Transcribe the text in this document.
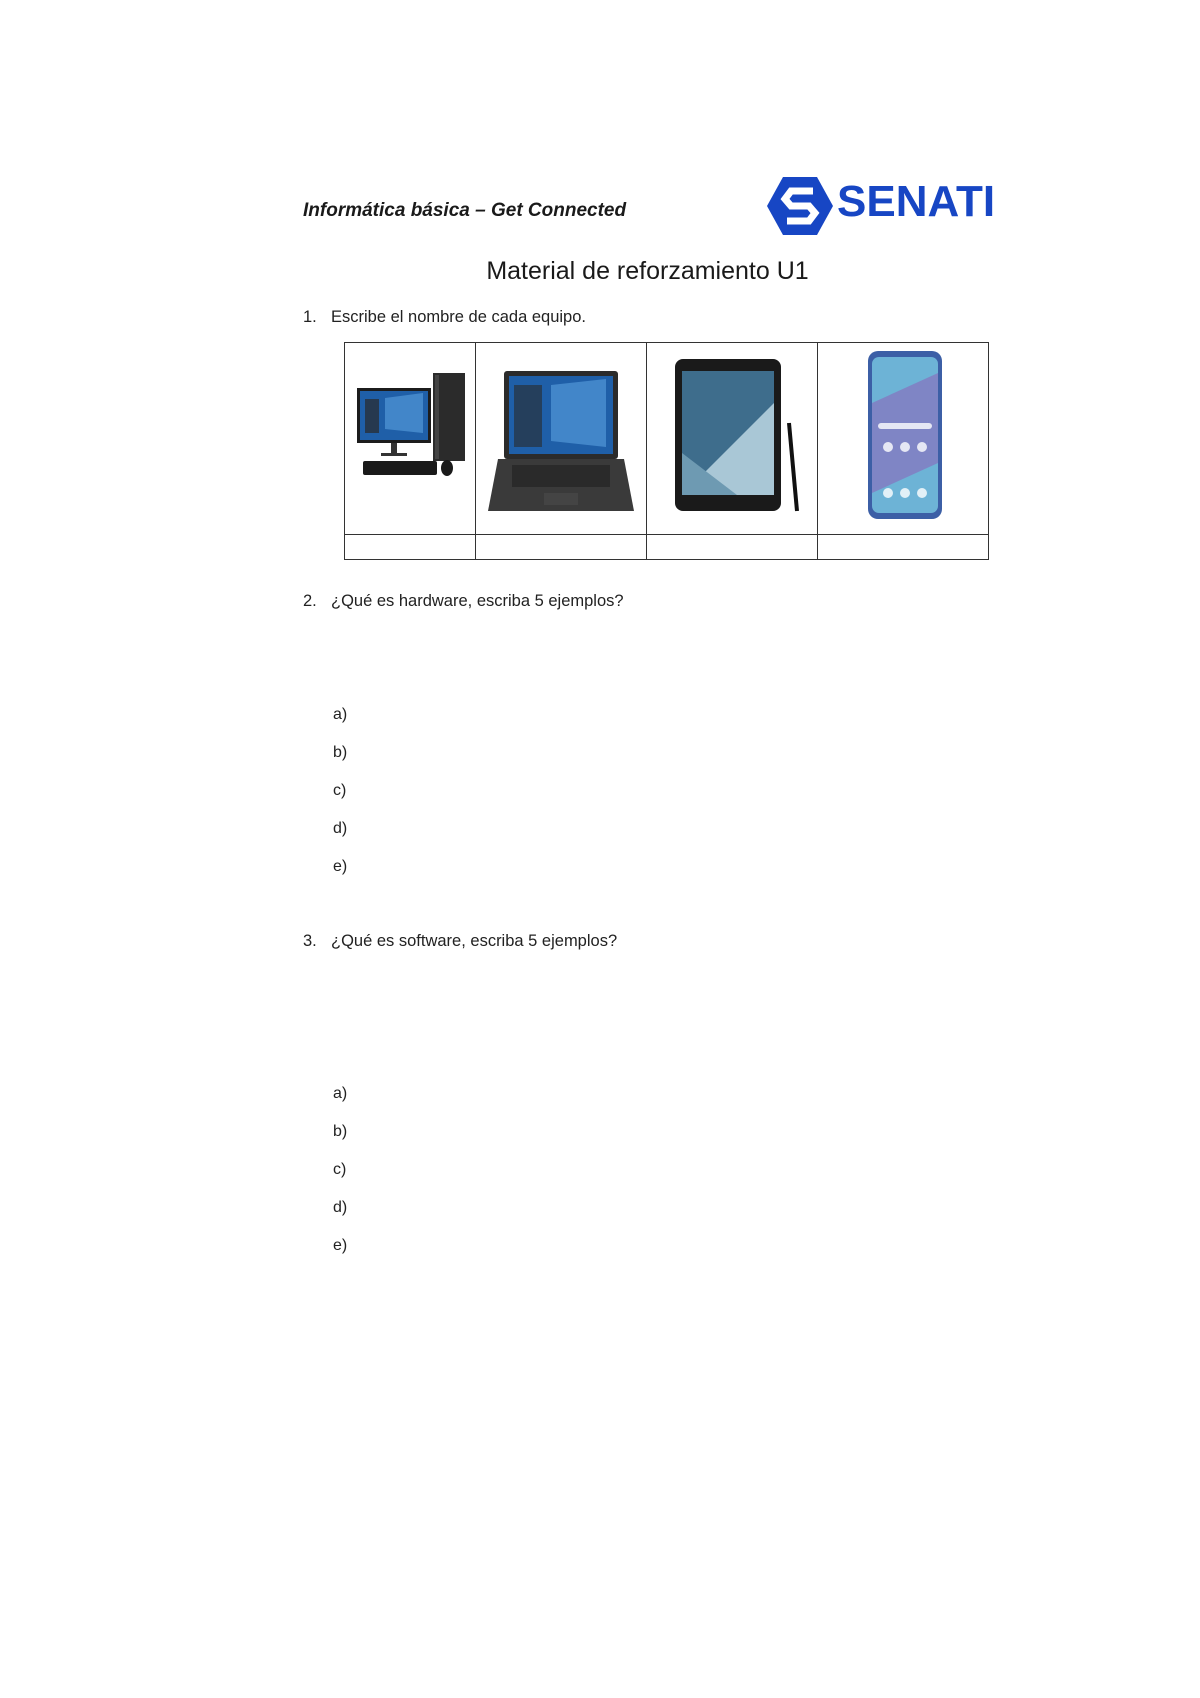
Informática básica – Get Connected	SENATI
Material de reforzamiento U1
1. Escribe el nombre de cada equipo.

2. ¿Qué es hardware, escriba 5 ejemplos?
a)
b)
c)
d)
e)
3. ¿Qué es software, escriba 5 ejemplos?
a)
b)
c)
d)
e)
